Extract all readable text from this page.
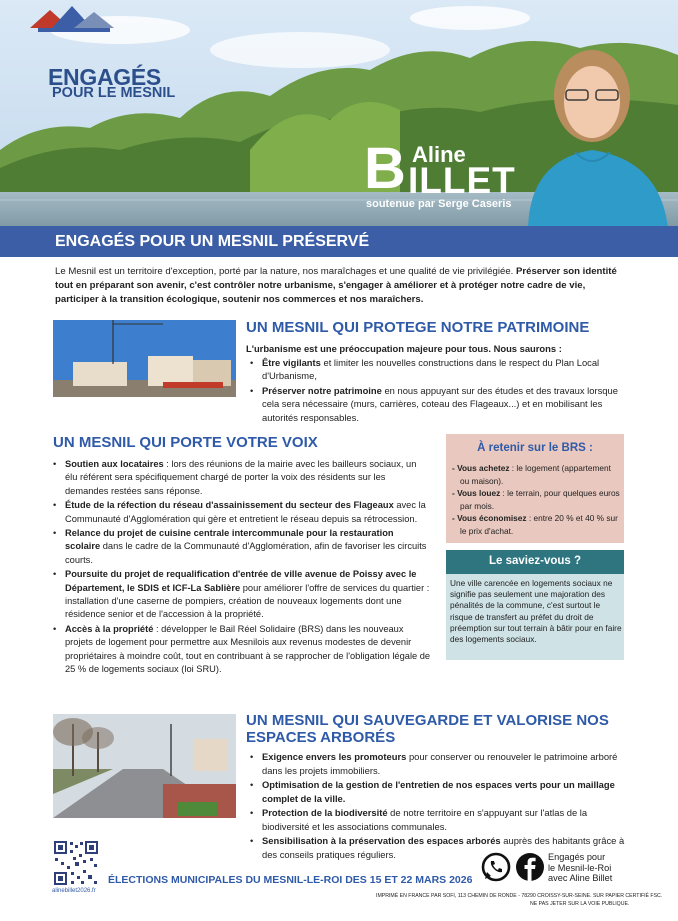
ENGAGÉS
POUR LE MESNIL
B Aline
ILLET
soutenue par Serge Caseris
ENGAGÉS POUR UN MESNIL PRÉSERVÉ

Le Mesnil est un territoire d'exception, porté par la nature, nos maraîchages et une qualité de vie privilégiée. Préserver son identité tout en préparant son avenir, c'est contrôler notre urbanisme, s'engager à améliorer et à protéger notre cadre de vie, participer à la transition écologique, soutenir nos commerces et nos maraîchers.

UN MESNIL QUI PROTEGE NOTRE PATRIMOINE
L'urbanisme est une préoccupation majeure pour tous. Nous saurons :
• Être vigilants et limiter les nouvelles constructions dans le respect du Plan Local d'Urbanisme,
• Préserver notre patrimoine en nous appuyant sur des études et des travaux lorsque cela sera nécessaire (murs, carrières, coteau des Flageaux...) et en mobilisant les autorités responsables.
UN MESNIL QUI PORTE VOTRE VOIX
• Soutien aux locataires : lors des réunions de la mairie avec les bailleurs sociaux, un élu référent sera spécifiquement chargé de porter la voix des résidents sur les demandes restées sans réponse.
• Étude de la réfection du réseau d'assainissement du secteur des Flageaux avec la Communauté d'Agglomération qui gère et entretient le réseau depuis sa rétrocession.
• Relance du projet de cuisine centrale intercommunale pour la restauration scolaire dans le cadre de la Communauté d'Agglomération, afin de favoriser les circuits courts.
• Poursuite du projet de requalification d'entrée de ville avenue de Poissy avec le Département, le SDIS et ICF-La Sablière pour améliorer l'offre de services du quartier : installation d'une caserne de pompiers, création de nouveaux logements dont une résidence senior et de l'accession à la propriété.
• Accès à la propriété : développer le Bail Réel Solidaire (BRS) dans les nouveaux projets de logement pour permettre aux Mesnilois aux revenus modestes de devenir propriétaires à moindre coût, tout en contribuant à se rapprocher de l'obligation légale de 25 % de logements sociaux (loi SRU).
À retenir sur le BRS :
- Vous achetez : le logement (appartement ou maison).
- Vous louez : le terrain, pour quelques euros par mois.
- Vous économisez : entre 20 % et 40 % sur le prix d'achat.
Le saviez-vous ?
Une ville carencée en logements sociaux ne signifie pas seulement une majoration des pénalités de la commune, c'est surtout le risque de transfert au préfet du droit de préemption sur tout terrain à bâtir pour en faire des logements sociaux.
UN MESNIL QUI SAUVEGARDE ET VALORISE NOS
ESPACES ARBORÉS
• Exigence envers les promoteurs pour conserver ou renouveler le patrimoine arboré dans les projets immobiliers.
• Optimisation de la gestion de l'entretien de nos espaces verts pour un maillage complet de la ville.
• Protection de la biodiversité de notre territoire en s'appuyant sur l'atlas de la biodiversité et les associations communales.
• Sensibilisation à la préservation des espaces arborés auprès des habitants grâce à des conseils pratiques réguliers.
alinebillet2026.fr
ÉLECTIONS MUNICIPALES DU MESNIL-LE-ROI DES 15 ET 22 MARS 2026
Engagés pour
le Mesnil-le-Roi
avec Aline Billet
IMPRIMÉ EN FRANCE PAR SOFI, 113 CHEMIN DE RONDE - 78290 CROISSY-SUR-SEINE. SUR PAPIER CERTIFIÉ FSC.
NE PAS JETER SUR LA VOIE PUBLIQUE.
